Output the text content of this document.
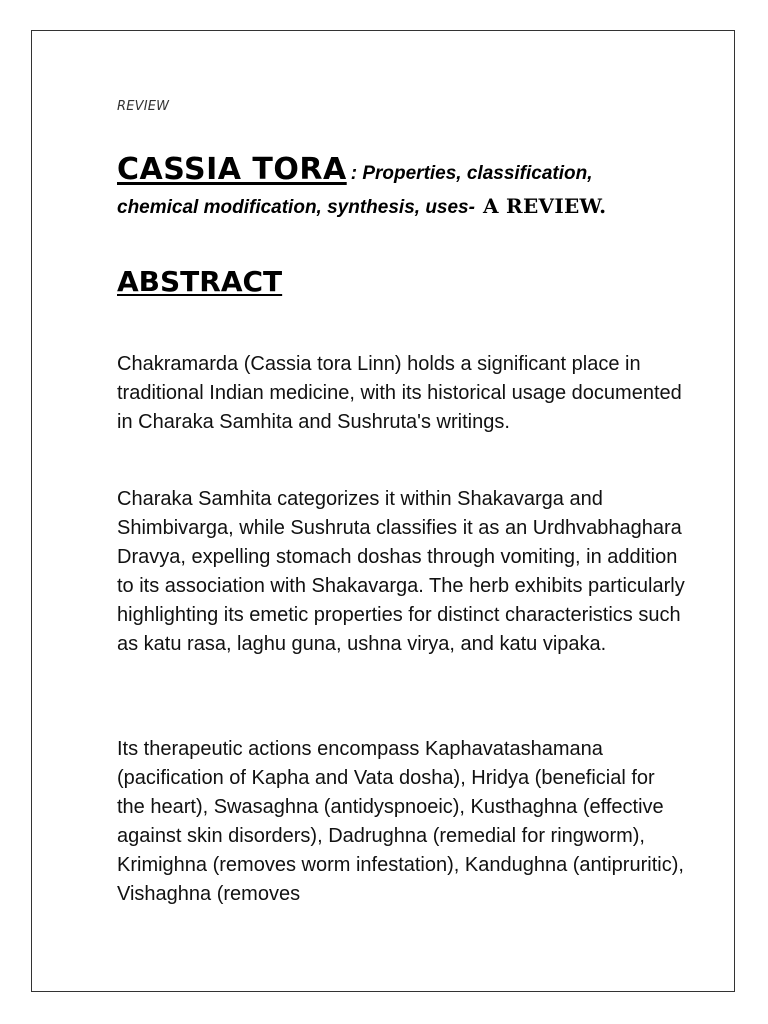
REVIEW
CASSIA TORA : Properties, classification,
chemical modification, synthesis, uses- A REVIEW.
ABSTRACT
Chakramarda (Cassia tora Linn) holds a significant place in traditional Indian medicine, with its historical usage documented in Charaka Samhita and Sushruta's writings.
Charaka Samhita categorizes it within Shakavarga and Shimbivarga, while Sushruta classifies it as an Urdhvabhaghara Dravya, expelling stomach doshas through vomiting, in addition to its association with Shakavarga. The herb exhibits particularly highlighting its emetic properties for distinct characteristics such as katu rasa, laghu guna, ushna virya, and katu vipaka.
Its therapeutic actions encompass Kaphavatashamana (pacification of Kapha and Vata dosha), Hridya (beneficial for the heart), Swasaghna (antidyspnoeic), Kusthaghna (effective against skin disorders), Dadrughna (remedial for ringworm), Krimighna (removes worm infestation), Kandughna (antipruritic), Vishaghna (removes
